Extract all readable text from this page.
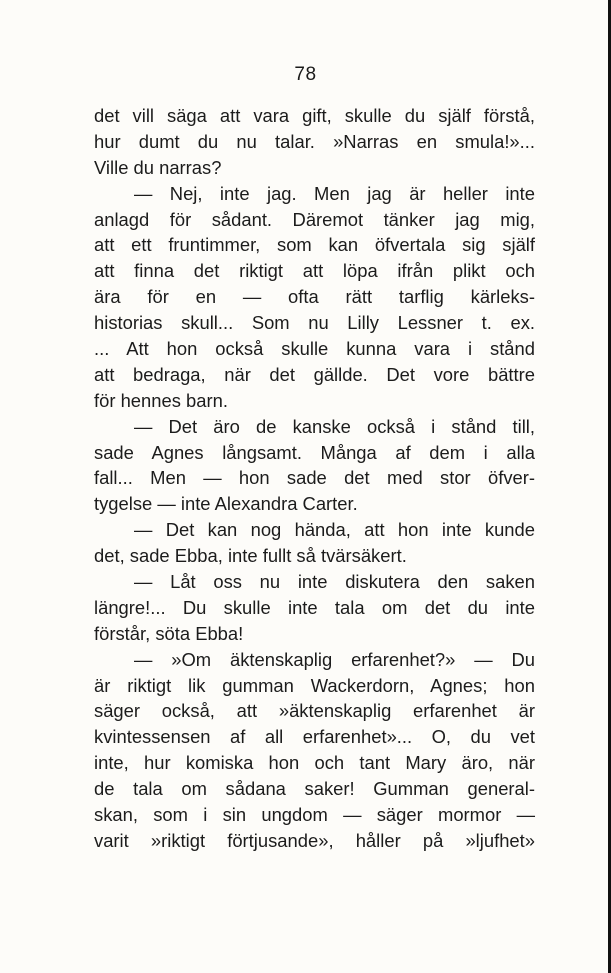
78
det vill säga att vara gift, skulle du själf förstå,
hur dumt du nu talar. »Narras en smula!»...
Ville du narras?
— Nej, inte jag. Men jag är heller inte
anlagd för sådant. Däremot tänker jag mig,
att ett fruntimmer, som kan öfvertala sig själf
att finna det riktigt att löpa ifrån plikt och
ära för en — ofta rätt tarflig kärleks-
historias skull... Som nu Lilly Lessner t. ex.
... Att hon också skulle kunna vara i stånd
att bedraga, när det gällde. Det vore bättre
för hennes barn.
— Det äro de kanske också i stånd till,
sade Agnes långsamt. Många af dem i alla
fall... Men — hon sade det med stor öfver-
tygelse — inte Alexandra Carter.
— Det kan nog hända, att hon inte kunde
det, sade Ebba, inte fullt så tvärsäkert.
— Låt oss nu inte diskutera den saken
längre!... Du skulle inte tala om det du inte
förstår, söta Ebba!
— »Om äktenskaplig erfarenhet?» — Du
är riktigt lik gumman Wackerdorn, Agnes; hon
säger också, att »äktenskaplig erfarenhet är
kvintessensen af all erfarenhet»... O, du vet
inte, hur komiska hon och tant Mary äro, när
de tala om sådana saker! Gumman general-
skan, som i sin ungdom — säger mormor —
varit »riktigt förtjusande», håller på »ljufhet»
